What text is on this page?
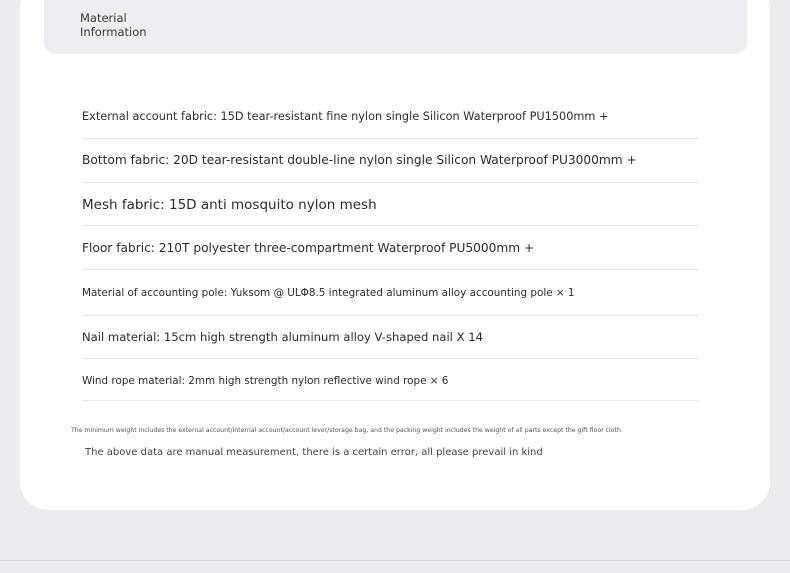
Material
Information
External account fabric: 15D tear-resistant fine nylon single Silicon Waterproof PU1500mm +
Bottom fabric: 20D tear-resistant double-line nylon single Silicon Waterproof PU3000mm +
Mesh fabric: 15D anti mosquito nylon mesh
Floor fabric: 210T polyester three-compartment Waterproof PU5000mm +
Material of accounting pole: Yuksom @ ULΦ8.5 integrated aluminum alloy accounting pole × 1
Nail material: 15cm high strength aluminum alloy V-shaped nail X 14
Wind rope material: 2mm high strength nylon reflective wind rope × 6
The minimum weight includes the external account/internal account/account lever/storage bag, and the packing weight includes the weight of all parts except the gift floor cloth.
The above data are manual measurement, there is a certain error, all please prevail in kind
